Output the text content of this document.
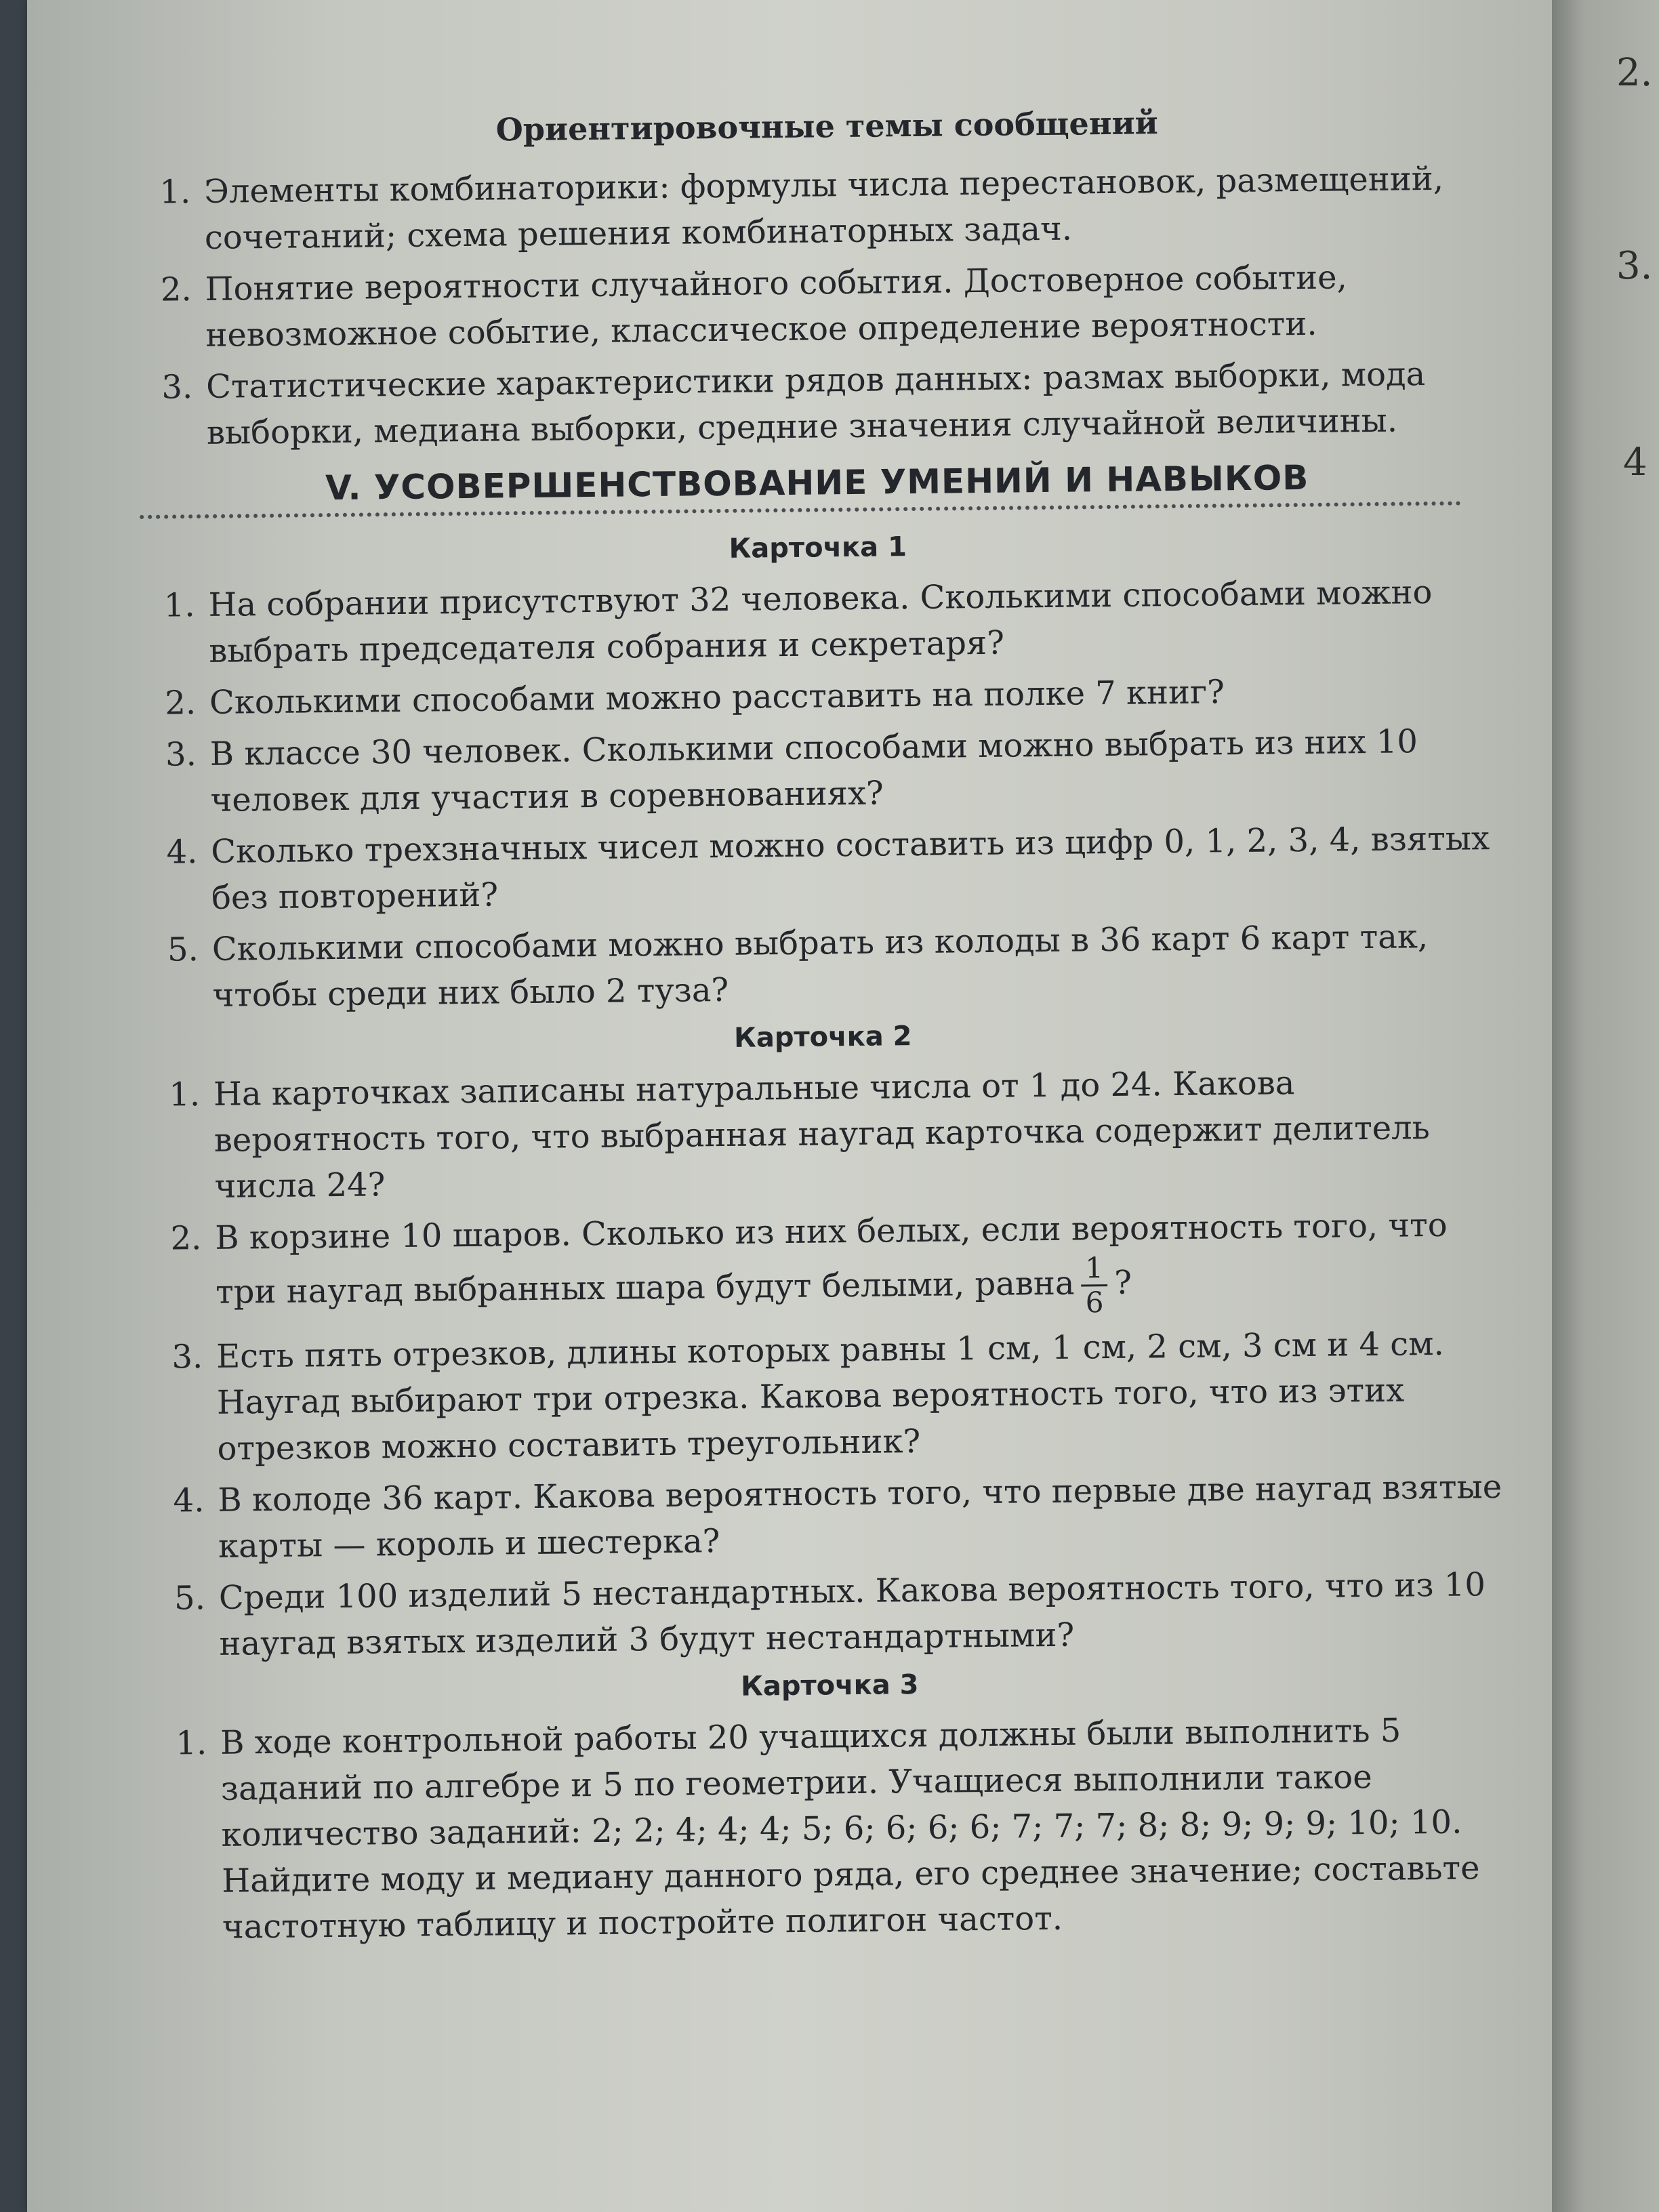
Ориентировочные темы сообщений
1. Элементы комбинаторики: формулы числа перестановок, размещений, сочетаний; схема решения комбинаторных задач.
2. Понятие вероятности случайного события. Достоверное событие, невозможное событие, классическое определение вероятности.
3. Статистические характеристики рядов данных: размах выборки, мода выборки, медиана выборки, средние значения случайной величины.
V. УСОВЕРШЕНСТВОВАНИЕ УМЕНИЙ И НАВЫКОВ
Карточка 1
1. На собрании присутствуют 32 человека. Сколькими способами можно выбрать председателя собрания и секретаря?
2. Сколькими способами можно расставить на полке 7 книг?
3. В классе 30 человек. Сколькими способами можно выбрать из них 10 человек для участия в соревнованиях?
4. Сколько трехзначных чисел можно составить из цифр 0, 1, 2, 3, 4, взятых без повторений?
5. Сколькими способами можно выбрать из колоды в 36 карт 6 карт так, чтобы среди них было 2 туза?
Карточка 2
1. На карточках записаны натуральные числа от 1 до 24. Какова вероятность того, что выбранная наугад карточка содержит делитель числа 24?
2. В корзине 10 шаров. Сколько из них белых, если вероятность того, что три наугад выбранных шара будут белыми, равна $\frac{1}{6}$ ?
3. Есть пять отрезков, длины которых равны 1 см, 1 см, 2 см, 3 см и 4 см. Наугад выбирают три отрезка. Какова вероятность того, что из этих отрезков можно составить треугольник?
4. В колоде 36 карт. Какова вероятность того, что первые две наугад взятые карты — король и шестерка?
5. Среди 100 изделий 5 нестандартных. Какова вероятность того, что из 10 наугад взятых изделий 3 будут нестандартными?
Карточка 3
1. В ходе контрольной работы 20 учащихся должны были выполнить 5 заданий по алгебре и 5 по геометрии. Учащиеся выполнили такое количество заданий: 2; 2; 4; 4; 4; 5; 6; 6; 6; 6; 7; 7; 7; 8; 8; 9; 9; 9; 10; 10. Найдите моду и медиану данного ряда, его среднее значение; составьте частотную таблицу и постройте полигон частот.
2.
3.
4
